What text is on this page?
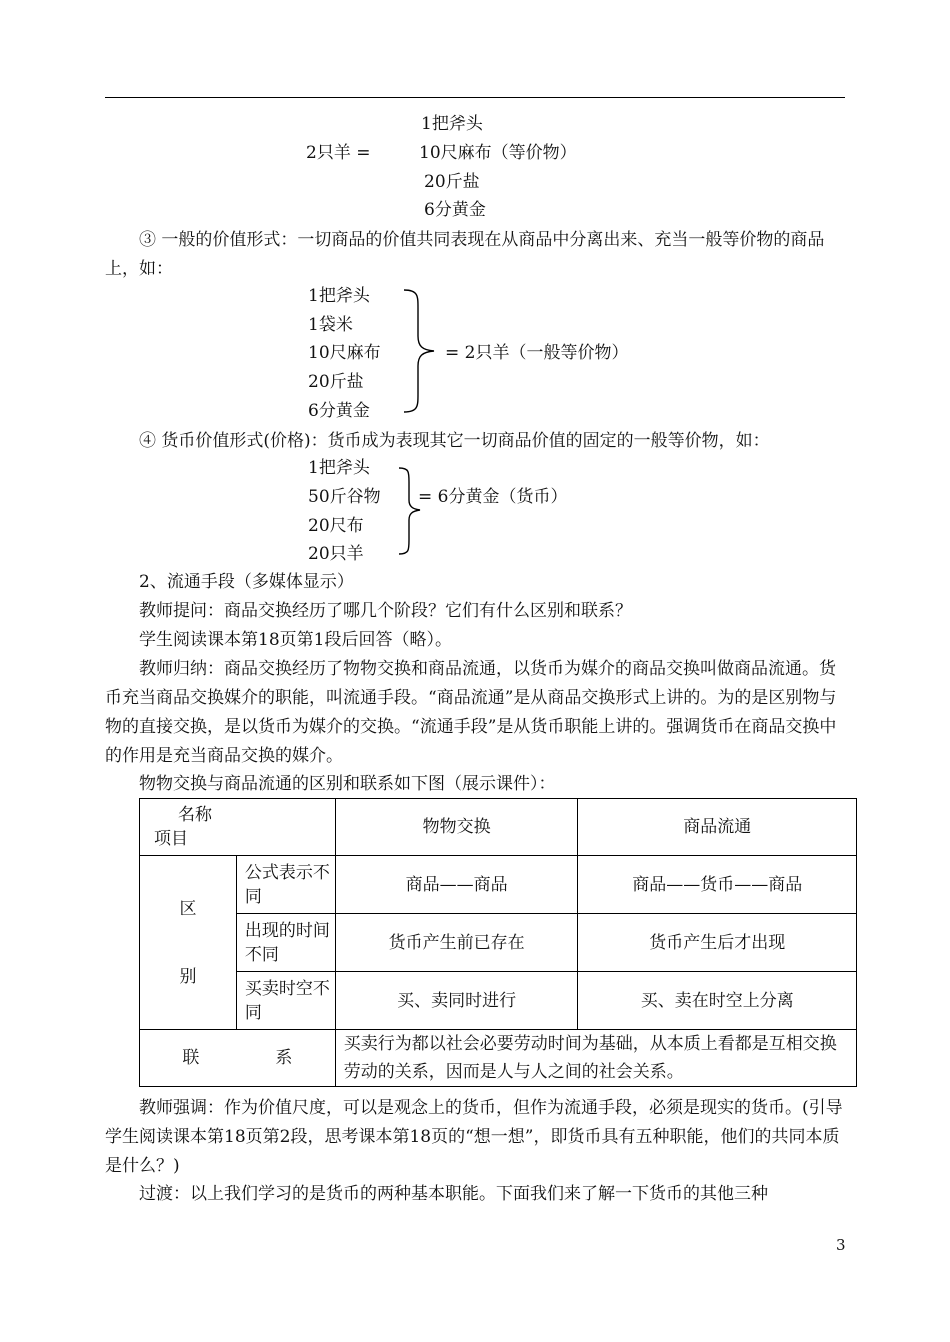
1把斧头
2只羊 =	10尺麻布（等价物）
20斤盐
6分黄金
③ 一般的价值形式：一切商品的价值共同表现在从商品中分离出来、充当一般等价物的商品上，如：
1把斧头
1袋米
10尺麻布
20斤盐
6分黄金
= 2只羊（一般等价物）
④ 货币价值形式(价格)：货币成为表现其它一切商品价值的固定的一般等价物，如：
1把斧头
50斤谷物
20尺布
20只羊
= 6分黄金（货币）
2、流通手段（多媒体显示）
教师提问：商品交换经历了哪几个阶段？它们有什么区别和联系？
学生阅读课本第18页第1段后回答（略）。
教师归纳：商品交换经历了物物交换和商品流通，以货币为媒介的商品交换叫做商品流通。货币充当商品交换媒介的职能，叫流通手段。“商品流通”是从商品交换形式上讲的。为的是区别物与物的直接交换，是以货币为媒介的交换。“流通手段”是从货币职能上讲的。强调货币在商品交换中的作用是充当商品交换的媒介。
物物交换与商品流通的区别和联系如下图（展示课件）：
名称
项目		物物交换	商品流通

区
别	公式表示不同	商品——商品	商品——货币——商品
	出现的时间不同	货币产生前已存在	货币产生后才出现
	买卖时空不同	买、卖同时进行	买、卖在时空上分离
联 系		买卖行为都以社会必要劳动时间为基础，从本质上看都是互相交换劳动的关系，因而是人与人之间的社会关系。	
教师强调：作为价值尺度，可以是观念上的货币，但作为流通手段，必须是现实的货币。(引导学生阅读课本第18页第2段，思考课本第18页的“想一想”，即货币具有五种职能，他们的共同本质是什么？)
过渡：以上我们学习的是货币的两种基本职能。下面我们来了解一下货币的其他三种
3
